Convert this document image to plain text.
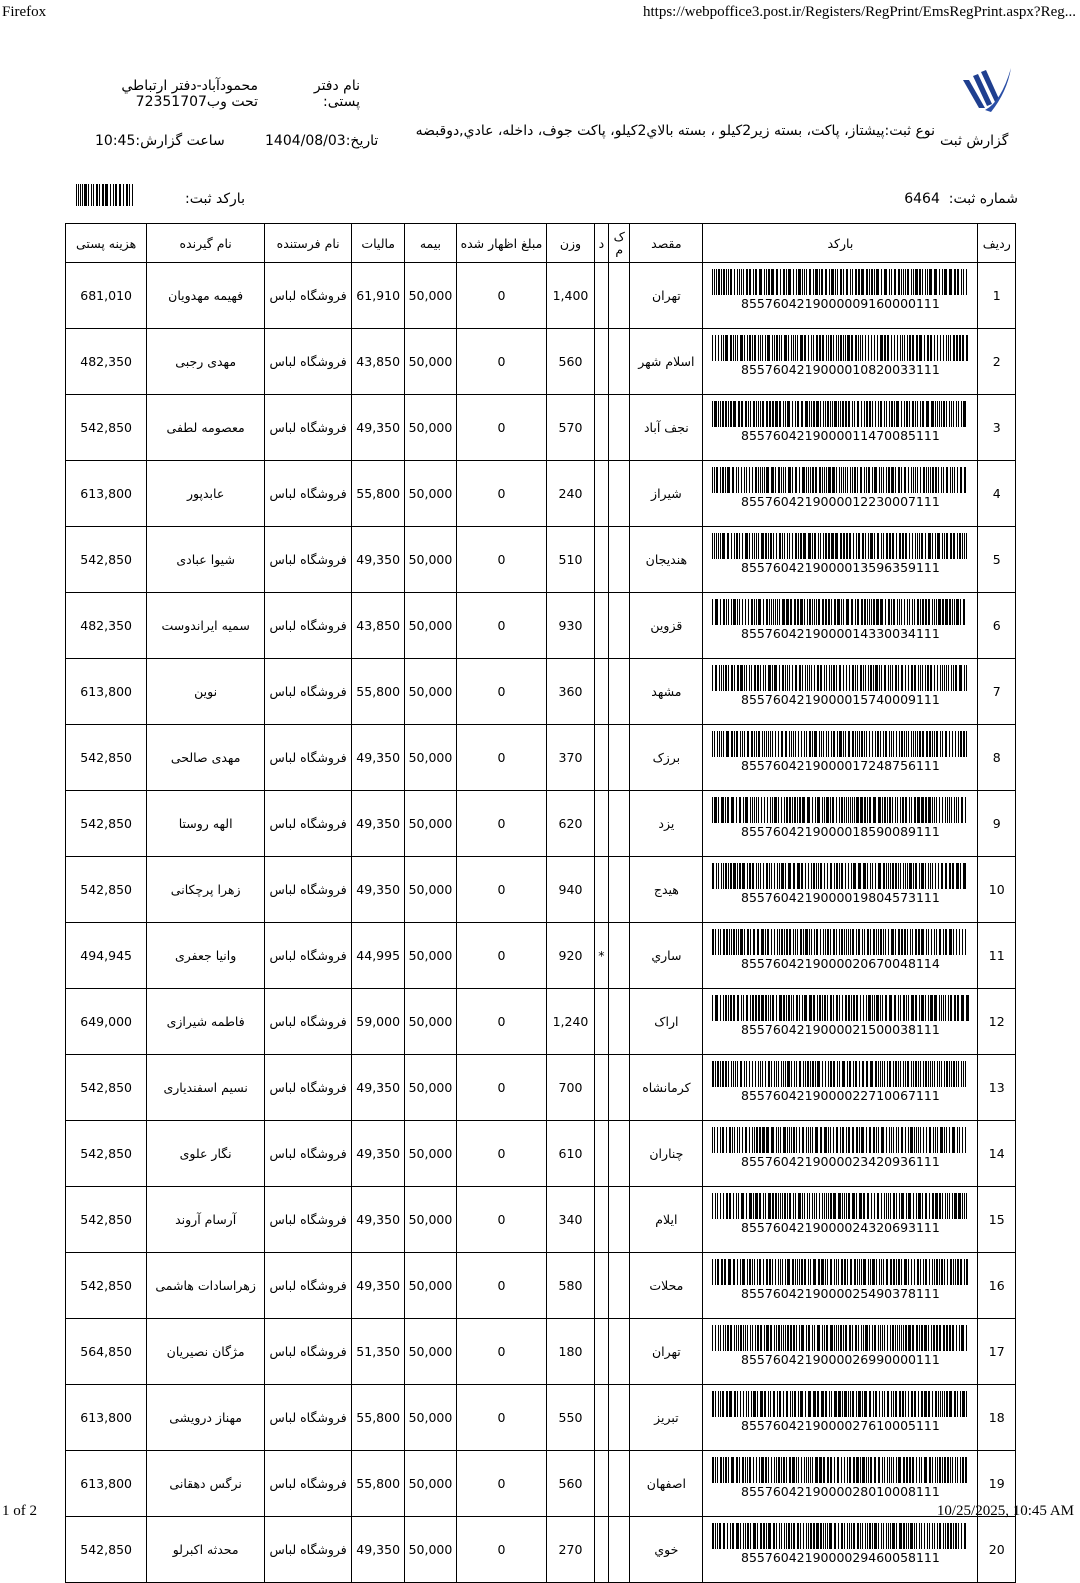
Firefox	https://webpoffice3.post.ir/Registers/RegPrint/EmsRegPrint.aspx?Reg...
گزارش ثبت
نوع ثبت:پیشتاز، پاکت، بسته زیر2کیلو ، بسته بالاي2کیلو، پاکت جوف، داخله، عادي,دوقبضه
نام دفتر پستی:
محمودآباد-دفتر ارتباطي تحت وب72351707
تاریخ:1404/08/03
ساعت گزارش:10:45
شماره ثبت:  6464
بارکد ثبت:
ردیف	بارکد	مقصد	ک م	د	وزن	مبلغ اظهار شده	بیمه	مالیات	نام فرستنده	نام گیرنده	هزینه پستی
1	8557604219000009160000111	تهران			1,400	0	50,000	61,910	فروشگاه لباس	فهیمه مهدویان	681,010
2	8557604219000010820033111	اسلام شهر			560	0	50,000	43,850	فروشگاه لباس	مهدی رجبی	482,350
3	8557604219000011470085111	نجف آباد			570	0	50,000	49,350	فروشگاه لباس	معصومه لطفی	542,850
4	8557604219000012230007111	شیراز			240	0	50,000	55,800	فروشگاه لباس	عابدپور	613,800
5	8557604219000013596359111	هندیجان			510	0	50,000	49,350	فروشگاه لباس	شیوا عبادی	542,850
6	8557604219000014330034111	قزوین			930	0	50,000	43,850	فروشگاه لباس	سمیه ایراندوست	482,350
7	8557604219000015740009111	مشهد			360	0	50,000	55,800	فروشگاه لباس	نوین	613,800
8	8557604219000017248756111	برزک			370	0	50,000	49,350	فروشگاه لباس	مهدی صالحی	542,850
9	8557604219000018590089111	یزد			620	0	50,000	49,350	فروشگاه لباس	الهه روستا	542,850
10	8557604219000019804573111	هیدج			940	0	50,000	49,350	فروشگاه لباس	زهرا پرچکانی	542,850
11	8557604219000020670048114	ساري		*	920	0	50,000	44,995	فروشگاه لباس	وانیا جعفری	494,945
12	8557604219000021500038111	اراک			1,240	0	50,000	59,000	فروشگاه لباس	فاطمه شیرازی	649,000
13	8557604219000022710067111	کرمانشاه			700	0	50,000	49,350	فروشگاه لباس	نسیم اسفندیاری	542,850
14	8557604219000023420936111	چناران			610	0	50,000	49,350	فروشگاه لباس	نگار علوی	542,850
15	8557604219000024320693111	ایلام			340	0	50,000	49,350	فروشگاه لباس	آرسام آروند	542,850
16	8557604219000025490378111	محلات			580	0	50,000	49,350	فروشگاه لباس	زهراسادات هاشمی	542,850
17	8557604219000026990000111	تهران			180	0	50,000	51,350	فروشگاه لباس	مژگان نصیریان	564,850
18	8557604219000027610005111	تبریز			550	0	50,000	55,800	فروشگاه لباس	مهناز درویشی	613,800
19	8557604219000028010008111	اصفهان			560	0	50,000	55,800	فروشگاه لباس	نرگس دهقانی	613,800
20	8557604219000029460058111	خوي			270	0	50,000	49,350	فروشگاه لباس	محدثه اکبرلو	542,850
1 of 2	10/25/2025, 10:45 AM
